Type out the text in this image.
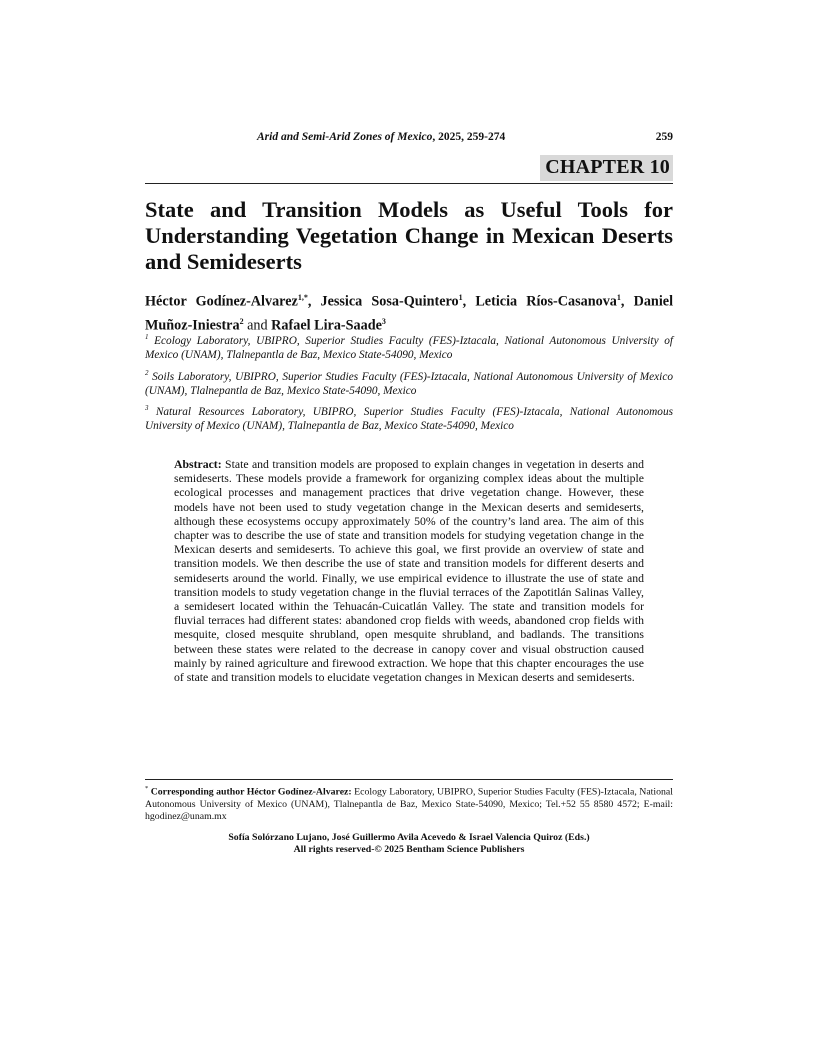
Arid and Semi-Arid Zones of Mexico, 2025, 259-274	259
CHAPTER 10
State and Transition Models as Useful Tools for Understanding Vegetation Change in Mexican Deserts and Semideserts

Héctor Godínez-Alvarez$^{1,*}$, Jessica Sosa-Quintero$^1$, Leticia Ríos-Casanova$^1$, Daniel Muñoz-Iniestra$^2$ and Rafael Lira-Saade$^3$

$^1$ Ecology Laboratory, UBIPRO, Superior Studies Faculty (FES)-Iztacala, National Autonomous University of Mexico (UNAM), Tlalnepantla de Baz, Mexico State-54090, Mexico

$^2$ Soils Laboratory, UBIPRO, Superior Studies Faculty (FES)-Iztacala, National Autonomous University of Mexico (UNAM), Tlalnepantla de Baz, Mexico State-54090, Mexico

$^3$ Natural Resources Laboratory, UBIPRO, Superior Studies Faculty (FES)-Iztacala, National Autonomous University of Mexico (UNAM), Tlalnepantla de Baz, Mexico State-54090, Mexico

Abstract: State and transition models are proposed to explain changes in vegetation in deserts and semideserts. These models provide a framework for organizing complex ideas about the multiple ecological processes and management practices that drive vegetation change. However, these models have not been used to study vegetation change in the Mexican deserts and semideserts, although these ecosystems occupy approximately 50% of the country’s land area. The aim of this chapter was to describe the use of state and transition models for studying vegetation change in the Mexican deserts and semideserts. To achieve this goal, we first provide an overview of state and transition models. We then describe the use of state and transition models for different deserts and semideserts around the world. Finally, we use empirical evidence to illustrate the use of state and transition models to study vegetation change in the fluvial terraces of the Zapotitlán Salinas Valley, a semidesert located within the Tehuacán-Cuicatlán Valley. The state and transition models for fluvial terraces had different states: abandoned crop fields with weeds, abandoned crop fields with mesquite, closed mesquite shrubland, open mesquite shrubland, and badlands. The transitions between these states were related to the decrease in canopy cover and visual obstruction caused mainly by rained agriculture and firewood extraction. We hope that this chapter encourages the use of state and transition models to elucidate vegetation changes in Mexican deserts and semideserts.

* Corresponding author Héctor Godínez-Alvarez: Ecology Laboratory, UBIPRO, Superior Studies Faculty (FES)-Iztacala, National Autonomous University of Mexico (UNAM), Tlalnepantla de Baz, Mexico State-54090, Mexico; Tel.+52 55 8580 4572; E-mail: hgodinez@unam.mx

Sofía Solórzano Lujano, José Guillermo Avila Acevedo & Israel Valencia Quiroz (Eds.)
All rights reserved-© 2025 Bentham Science Publishers
